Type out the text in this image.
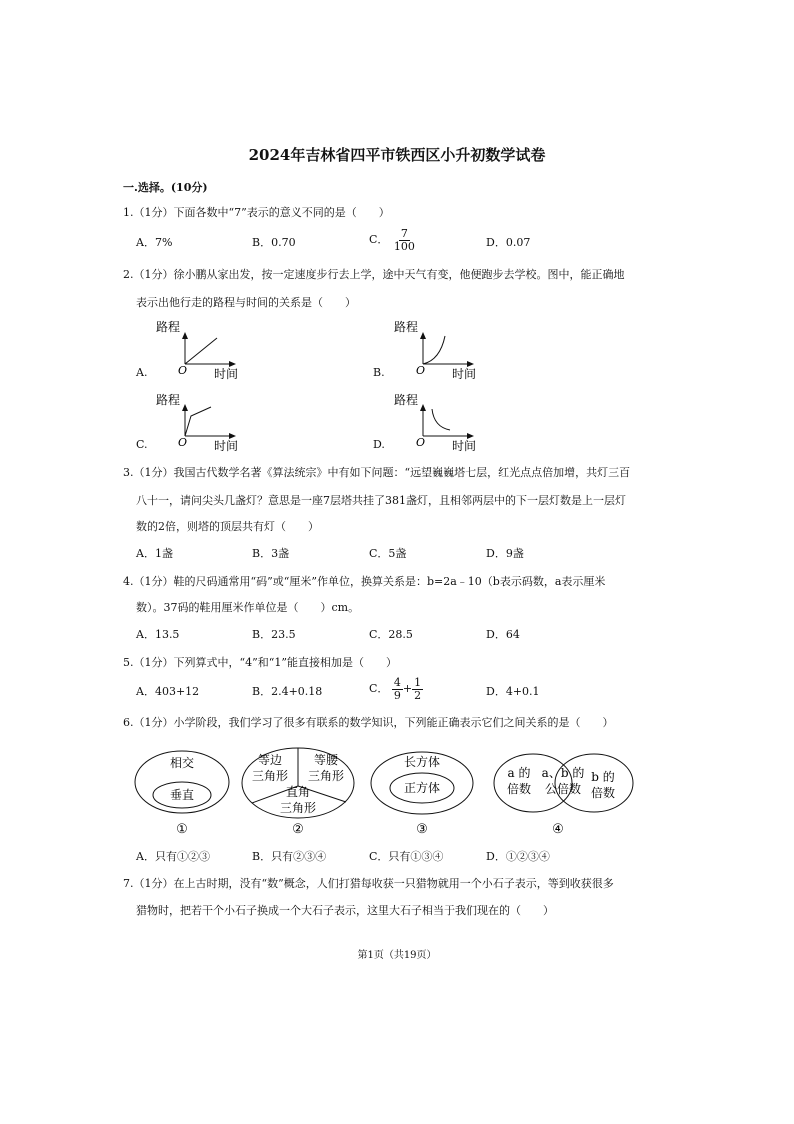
2024年吉林省四平市铁西区小升初数学试卷
一.选择。(10分)
1.（1分）下面各数中“7”表示的意义不同的是（　　）
A．7%	B．0.70	C． $\frac{7}{100}$	D．0.07
2.（1分）徐小鹏从家出发，按一定速度步行去上学，途中天气有变，他便跑步去学校。图中，能正确地
表示出他行走的路程与时间的关系是（　　）
A.
路程
O 时间	B.
路程
O 时间
C.
路程
O 时间	D.
路程
O 时间
3.（1分）我国古代数学名著《算法统宗》中有如下问题：“远望巍巍塔七层，红光点点倍加增，共灯三百
八十一，请问尖头几盏灯？意思是一座7层塔共挂了381盏灯，且相邻两层中的下一层灯数是上一层灯
数的2倍，则塔的顶层共有灯（　　）
A．1盏	B．3盏	C．5盏	D．9盏
4.（1分）鞋的尺码通常用“码”或“厘米”作单位，换算关系是：b=2a﹣10（b表示码数，a表示厘米
数）。37码的鞋用厘米作单位是（　　）cm。
A．13.5	B．23.5	C．28.5	D．64
5.（1分）下列算式中，“4”和“1”能直接相加是（　　）
A．403+12	B．2.4+0.18	C． $\frac{4}{9} + \frac{1}{2}$	D．4+0.1
6.（1分）小学阶段，我们学习了很多有联系的数学知识，下列能正确表示它们之间关系的是（　　）
相交
垂直
①
等边
三角形
等腰
三角形
直角
三角形
②
长方体
正方体
③
a 的
倍数
a、b 的
公倍数
b 的
倍数
④
A．只有①②③	B．只有②③④	C．只有①③④	D．①②③④
7.（1分）在上古时期，没有“数”概念，人们打猎每收获一只猎物就用一个小石子表示，等到收获很多
猎物时，把若干个小石子换成一个大石子表示，这里大石子相当于我们现在的（　　）
第1页（共19页）
